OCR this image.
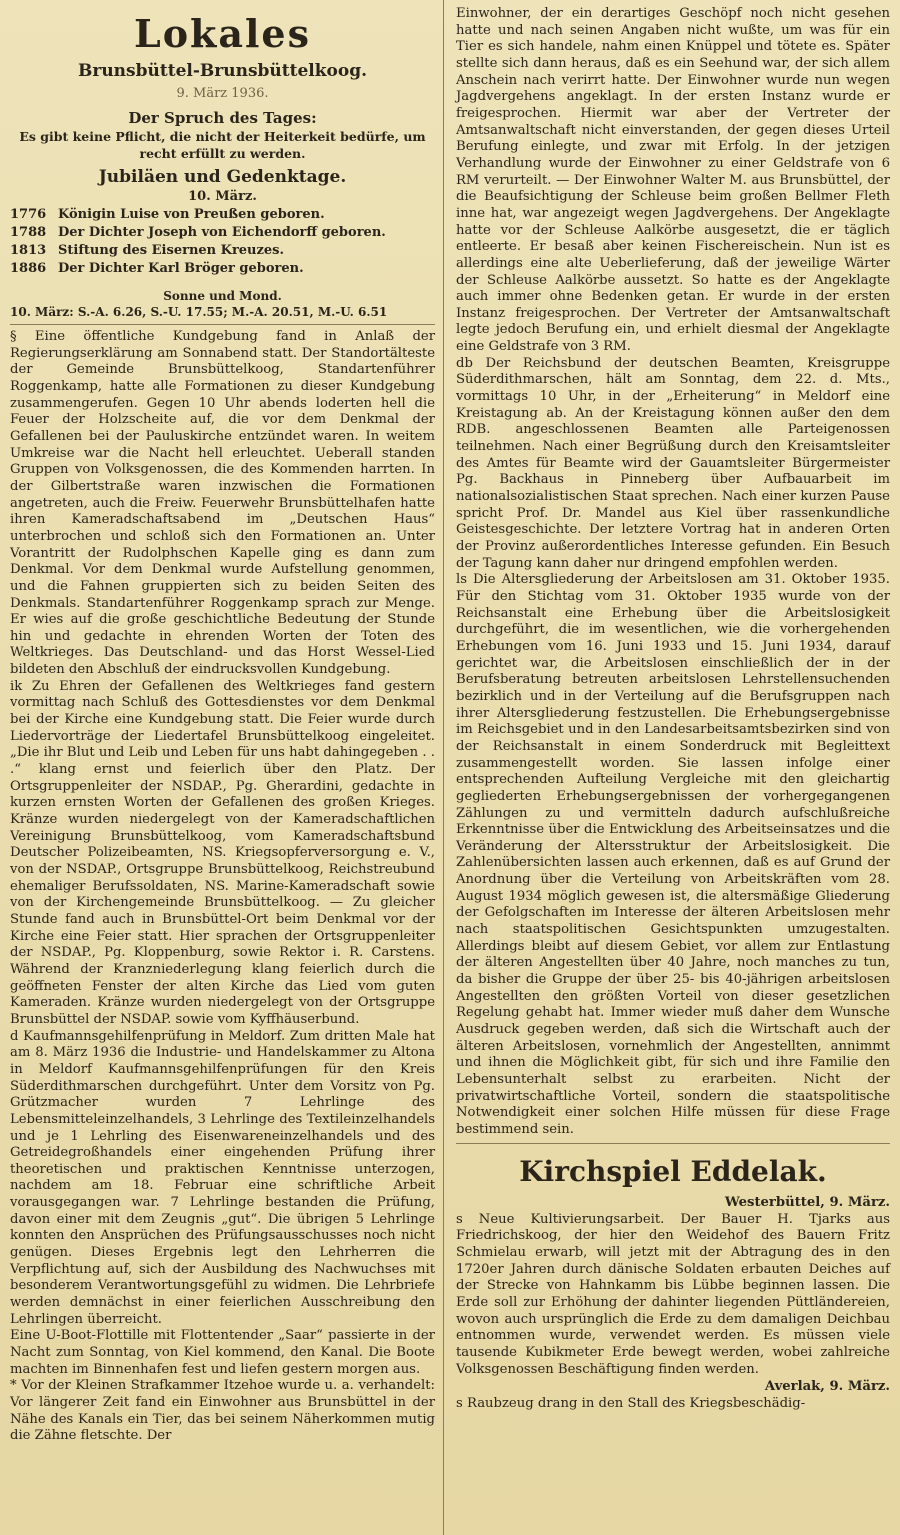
Lokales
Brunsbüttel-Brunsbüttelkoog.
9. März 1936.
Der Spruch des Tages:
Es gibt keine Pflicht, die nicht der Heiterkeit bedürfe, um recht erfüllt zu werden.
Jubiläen und Gedenktage.
10. März.
1776 Königin Luise von Preußen geboren.
1788 Der Dichter Joseph von Eichendorff geboren.
1813 Stiftung des Eisernen Kreuzes.
1886 Der Dichter Karl Bröger geboren.
Sonne und Mond.
10. März: S.-A. 6.26, S.-U. 17.55; M.-A. 20.51, M.-U. 6.51

§ Eine öffentliche Kundgebung fand in Anlaß der Regierungserklärung am Sonnabend statt. Der Standortälteste der Gemeinde Brunsbüttelkoog, Standartenführer Roggenkamp, hatte alle Formationen zu dieser Kundgebung zusammengerufen. Gegen 10 Uhr abends loderten hell die Feuer der Holzscheite auf, die vor dem Denkmal der Gefallenen bei der Pauluskirche entzündet waren. In weitem Umkreise war die Nacht hell erleuchtet. Ueberall standen Gruppen von Volksgenossen, die des Kommenden harrten. In der Gilbertstraße waren inzwischen die Formationen angetreten, auch die Freiw. Feuerwehr Brunsbüttelhafen hatte ihren Kameradschaftsabend im „Deutschen Haus“ unterbrochen und schloß sich den Formationen an. Unter Vorantritt der Rudolphschen Kapelle ging es dann zum Denkmal. Vor dem Denkmal wurde Aufstellung genommen, und die Fahnen gruppierten sich zu beiden Seiten des Denkmals. Standartenführer Roggenkamp sprach zur Menge. Er wies auf die große geschichtliche Bedeutung der Stunde hin und gedachte in ehrenden Worten der Toten des Weltkrieges. Das Deutschland- und das Horst Wessel-Lied bildeten den Abschluß der eindrucksvollen Kundgebung.

ik Zu Ehren der Gefallenen des Weltkrieges fand gestern vormittag nach Schluß des Gottesdienstes vor dem Denkmal bei der Kirche eine Kundgebung statt. Die Feier wurde durch Liedervorträge der Liedertafel Brunsbüttelkoog eingeleitet. „Die ihr Blut und Leib und Leben für uns habt dahingegeben . . .“ klang ernst und feierlich über den Platz. Der Ortsgruppenleiter der NSDAP., Pg. Gherardini, gedachte in kurzen ernsten Worten der Gefallenen des großen Krieges. Kränze wurden niedergelegt von der Kameradschaftlichen Vereinigung Brunsbüttelkoog, vom Kameradschaftsbund Deutscher Polizeibeamten, NS. Kriegsopferversorgung e. V., von der NSDAP., Ortsgruppe Brunsbüttelkoog, Reichstreubund ehemaliger Berufssoldaten, NS. Marine-Kameradschaft sowie von der Kirchengemeinde Brunsbüttelkoog. — Zu gleicher Stunde fand auch in Brunsbüttel-Ort beim Denkmal vor der Kirche eine Feier statt. Hier sprachen der Ortsgruppenleiter der NSDAP., Pg. Kloppenburg, sowie Rektor i. R. Carstens. Während der Kranzniederlegung klang feierlich durch die geöffneten Fenster der alten Kirche das Lied vom guten Kameraden. Kränze wurden niedergelegt von der Ortsgruppe Brunsbüttel der NSDAP. sowie vom Kyffhäuserbund.

d Kaufmannsgehilfenprüfung in Meldorf. Zum dritten Male hat am 8. März 1936 die Industrie- und Handelskammer zu Altona in Meldorf Kaufmannsgehilfenprüfungen für den Kreis Süderdithmarschen durchgeführt. Unter dem Vorsitz von Pg. Grützmacher wurden 7 Lehrlinge des Lebensmitteleinzelhandels, 3 Lehrlinge des Textileinzelhandels und je 1 Lehrling des Eisenwareneinzelhandels und des Getreidegroßhandels einer eingehenden Prüfung ihrer theoretischen und praktischen Kenntnisse unterzogen, nachdem am 18. Februar eine schriftliche Arbeit vorausgegangen war. 7 Lehrlinge bestanden die Prüfung, davon einer mit dem Zeugnis „gut“. Die übrigen 5 Lehrlinge konnten den Ansprüchen des Prüfungsausschusses noch nicht genügen. Dieses Ergebnis legt den Lehrherren die Verpflichtung auf, sich der Ausbildung des Nachwuchses mit besonderem Verantwortungsgefühl zu widmen. Die Lehrbriefe werden demnächst in einer feierlichen Ausschreibung den Lehrlingen überreicht.

Eine U-Boot-Flottille mit Flottentender „Saar“ passierte in der Nacht zum Sonntag, von Kiel kommend, den Kanal. Die Boote machten im Binnenhafen fest und liefen gestern morgen aus.

* Vor der Kleinen Strafkammer Itzehoe wurde u. a. verhandelt: Vor längerer Zeit fand ein Einwohner aus Brunsbüttel in der Nähe des Kanals ein Tier, das bei seinem Näherkommen mutig die Zähne fletschte. Der

Einwohner, der ein derartiges Geschöpf noch nicht gesehen hatte und nach seinen Angaben nicht wußte, um was für ein Tier es sich handele, nahm einen Knüppel und tötete es. Später stellte sich dann heraus, daß es ein Seehund war, der sich allem Anschein nach verirrt hatte. Der Einwohner wurde nun wegen Jagdvergehens angeklagt. In der ersten Instanz wurde er freigesprochen. Hiermit war aber der Vertreter der Amtsanwaltschaft nicht einverstanden, der gegen dieses Urteil Berufung einlegte, und zwar mit Erfolg. In der jetzigen Verhandlung wurde der Einwohner zu einer Geldstrafe von 6 RM verurteilt. — Der Einwohner Walter M. aus Brunsbüttel, der die Beaufsichtigung der Schleuse beim großen Bellmer Fleth inne hat, war angezeigt wegen Jagdvergehens. Der Angeklagte hatte vor der Schleuse Aalkörbe ausgesetzt, die er täglich entleerte. Er besaß aber keinen Fischereischein. Nun ist es allerdings eine alte Ueberlieferung, daß der jeweilige Wärter der Schleuse Aalkörbe aussetzt. So hatte es der Angeklagte auch immer ohne Bedenken getan. Er wurde in der ersten Instanz freigesprochen. Der Vertreter der Amtsanwaltschaft legte jedoch Berufung ein, und erhielt diesmal der Angeklagte eine Geldstrafe von 3 RM.

db Der Reichsbund der deutschen Beamten, Kreisgruppe Süderdithmarschen, hält am Sonntag, dem 22. d. Mts., vormittags 10 Uhr, in der „Erheiterung“ in Meldorf eine Kreistagung ab. An der Kreistagung können außer den dem RDB. angeschlossenen Beamten alle Parteigenossen teilnehmen. Nach einer Begrüßung durch den Kreisamtsleiter des Amtes für Beamte wird der Gauamtsleiter Bürgermeister Pg. Backhaus in Pinneberg über Aufbauarbeit im nationalsozialistischen Staat sprechen. Nach einer kurzen Pause spricht Prof. Dr. Mandel aus Kiel über rassenkundliche Geistesgeschichte. Der letztere Vortrag hat in anderen Orten der Provinz außerordentliches Interesse gefunden. Ein Besuch der Tagung kann daher nur dringend empfohlen werden.

ls Die Altersgliederung der Arbeitslosen am 31. Oktober 1935. Für den Stichtag vom 31. Oktober 1935 wurde von der Reichsanstalt eine Erhebung über die Arbeitslosigkeit durchgeführt, die im wesentlichen, wie die vorhergehenden Erhebungen vom 16. Juni 1933 und 15. Juni 1934, darauf gerichtet war, die Arbeitslosen einschließlich der in der Berufsberatung betreuten arbeitslosen Lehrstellensuchenden bezirklich und in der Verteilung auf die Berufsgruppen nach ihrer Altersgliederung festzustellen. Die Erhebungsergebnisse im Reichsgebiet und in den Landesarbeitsamtsbezirken sind von der Reichsanstalt in einem Sonderdruck mit Begleittext zusammengestellt worden. Sie lassen infolge einer entsprechenden Aufteilung Vergleiche mit den gleichartig gegliederten Erhebungsergebnissen der vorhergegangenen Zählungen zu und vermitteln dadurch aufschlußreiche Erkenntnisse über die Entwicklung des Arbeitseinsatzes und die Veränderung der Altersstruktur der Arbeitslosigkeit. Die Zahlenübersichten lassen auch erkennen, daß es auf Grund der Anordnung über die Verteilung von Arbeitskräften vom 28. August 1934 möglich gewesen ist, die altersmäßige Gliederung der Gefolgschaften im Interesse der älteren Arbeitslosen mehr nach staatspolitischen Gesichtspunkten umzugestalten. Allerdings bleibt auf diesem Gebiet, vor allem zur Entlastung der älteren Angestellten über 40 Jahre, noch manches zu tun, da bisher die Gruppe der über 25- bis 40-jährigen arbeitslosen Angestellten den größten Vorteil von dieser gesetzlichen Regelung gehabt hat. Immer wieder muß daher dem Wunsche Ausdruck gegeben werden, daß sich die Wirtschaft auch der älteren Arbeitslosen, vornehmlich der Angestellten, annimmt und ihnen die Möglichkeit gibt, für sich und ihre Familie den Lebensunterhalt selbst zu erarbeiten. Nicht der privatwirtschaftliche Vorteil, sondern die staatspolitische Notwendigkeit einer solchen Hilfe müssen für diese Frage bestimmend sein.

Kirchspiel Eddelak.
Westerbüttel, 9. März.

s Neue Kultivierungsarbeit. Der Bauer H. Tjarks aus Friedrichskoog, der hier den Weidehof des Bauern Fritz Schmielau erwarb, will jetzt mit der Abtragung des in den 1720er Jahren durch dänische Soldaten erbauten Deiches auf der Strecke von Hahnkamm bis Lübbe beginnen lassen. Die Erde soll zur Erhöhung der dahinter liegenden Püttländereien, wovon auch ursprünglich die Erde zu dem damaligen Deichbau entnommen wurde, verwendet werden. Es müssen viele tausende Kubikmeter Erde bewegt werden, wobei zahlreiche Volksgenossen Beschäftigung finden werden.

Averlak, 9. März.

s Raubzeug drang in den Stall des Kriegsbeschädig-
